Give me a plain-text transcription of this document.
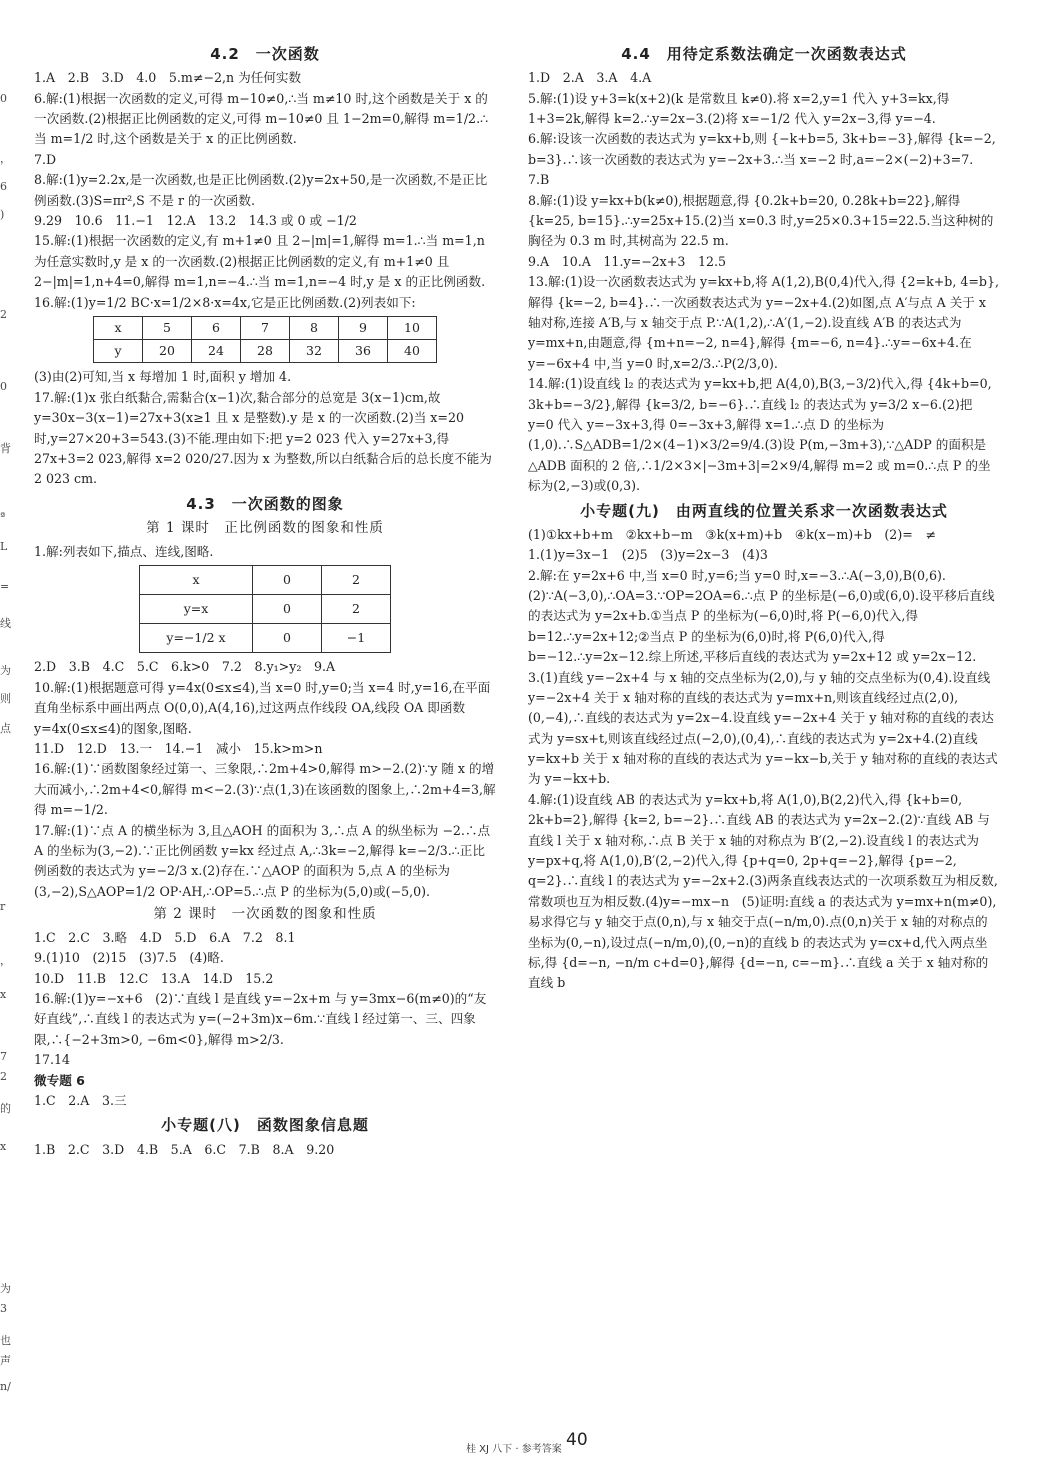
0
，
6
)
2
0
背
ª
L
=
线
为
则
点
r
，
x
7
2
的
x
为
3
也
声
n/
4.2　一次函数

1.A　2.B　3.D　4.0　5.m≠−2,n 为任何实数

6.解:(1)根据一次函数的定义,可得 m−10≠0,∴当 m≠10 时,这个函数是关于 x 的一次函数.(2)根据正比例函数的定义,可得 m−10≠0 且 1−2m=0,解得 m=1/2.∴当 m=1/2 时,这个函数是关于 x 的正比例函数.

7.D

8.解:(1)y=2.2x,是一次函数,也是正比例函数.(2)y=2x+50,是一次函数,不是正比例函数.(3)S=πr²,S 不是 r 的一次函数.

9.29　10.6　11.−1　12.A　13.2　14.3 或 0 或 −1/2

15.解:(1)根据一次函数的定义,有 m+1≠0 且 2−|m|=1,解得 m=1.∴当 m=1,n 为任意实数时,y 是 x 的一次函数.(2)根据正比例函数的定义,有 m+1≠0 且 2−|m|=1,n+4=0,解得 m=1,n=−4.∴当 m=1,n=−4 时,y 是 x 的正比例函数.

16.解:(1)y=1/2 BC·x=1/2×8·x=4x,它是正比例函数.(2)列表如下:

x	5	6	7	8	9	10
y	20	24	28	32	36	40

(3)由(2)可知,当 x 每增加 1 时,面积 y 增加 4.

17.解:(1)x 张白纸黏合,需黏合(x−1)次,黏合部分的总宽是 3(x−1)cm,故 y=30x−3(x−1)=27x+3(x≥1 且 x 是整数).y 是 x 的一次函数.(2)当 x=20 时,y=27×20+3=543.(3)不能.理由如下:把 y=2 023 代入 y=27x+3,得 27x+3=2 023,解得 x=2 020/27.因为 x 为整数,所以白纸黏合后的总长度不能为 2 023 cm.

4.3　一次函数的图象
第 1 课时　正比例函数的图象和性质

1.解:列表如下,描点、连线,图略.

x	0	2
y=x	0	2
y=−1/2 x	0	−1

2.D　3.B　4.C　5.C　6.k>0　7.2　8.y₁>y₂　9.A

10.解:(1)根据题意可得 y=4x(0≤x≤4),当 x=0 时,y=0;当 x=4 时,y=16,在平面直角坐标系中画出两点 O(0,0),A(4,16),过这两点作线段 OA,线段 OA 即函数 y=4x(0≤x≤4)的图象,图略.

11.D　12.D　13.一　14.−1　减小　15.k>m>n

16.解:(1)∵函数图象经过第一、三象限,∴2m+4>0,解得 m>−2.(2)∵y 随 x 的增大而减小,∴2m+4<0,解得 m<−2.(3)∵点(1,3)在该函数的图象上,∴2m+4=3,解得 m=−1/2.

17.解:(1)∵点 A 的横坐标为 3,且△AOH 的面积为 3,∴点 A 的纵坐标为 −2.∴点 A 的坐标为(3,−2).∵正比例函数 y=kx 经过点 A,∴3k=−2,解得 k=−2/3.∴正比例函数的表达式为 y=−2/3 x.(2)存在.∵△AOP 的面积为 5,点 A 的坐标为(3,−2),S△AOP=1/2 OP·AH,∴OP=5.∴点 P 的坐标为(5,0)或(−5,0).

第 2 课时　一次函数的图象和性质

1.C　2.C　3.略　4.D　5.D　6.A　7.2　8.1

9.(1)10　(2)15　(3)7.5　(4)略.

10.D　11.B　12.C　13.A　14.D　15.2

16.解:(1)y=−x+6　(2)∵直线 l 是直线 y=−2x+m 与 y=3mx−6(m≠0)的“友好直线”,∴直线 l 的表达式为 y=(−2+3m)x−6m.∵直线 l 经过第一、三、四象限,∴{−2+3m>0, −6m<0},解得 m>2/3.

17.14

微专题 6

1.C　2.A　3.三

小专题(八)　函数图象信息题

1.B　2.C　3.D　4.B　5.A　6.C　7.B　8.A　9.20

4.4　用待定系数法确定一次函数表达式

1.D　2.A　3.A　4.A

5.解:(1)设 y+3=k(x+2)(k 是常数且 k≠0).将 x=2,y=1 代入 y+3=kx,得 1+3=2k,解得 k=2.∴y=2x−3.(2)将 x=−1/2 代入 y=2x−3,得 y=−4.

6.解:设该一次函数的表达式为 y=kx+b,则 {−k+b=5, 3k+b=−3},解得 {k=−2, b=3}.∴该一次函数的表达式为 y=−2x+3.∴当 x=−2 时,a=−2×(−2)+3=7.

7.B

8.解:(1)设 y=kx+b(k≠0),根据题意,得 {0.2k+b=20, 0.28k+b=22},解得 {k=25, b=15}.∴y=25x+15.(2)当 x=0.3 时,y=25×0.3+15=22.5.当这种树的胸径为 0.3 m 时,其树高为 22.5 m.

9.A　10.A　11.y=−2x+3　12.5

13.解:(1)设一次函数表达式为 y=kx+b,将 A(1,2),B(0,4)代入,得 {2=k+b, 4=b},解得 {k=−2, b=4}.∴一次函数表达式为 y=−2x+4.(2)如图,点 A′与点 A 关于 x 轴对称,连接 A′B,与 x 轴交于点 P.∵A(1,2),∴A′(1,−2).设直线 A′B 的表达式为 y=mx+n,由题意,得 {m+n=−2, n=4},解得 {m=−6, n=4}.∴y=−6x+4.在 y=−6x+4 中,当 y=0 时,x=2/3.∴P(2/3,0).

14.解:(1)设直线 l₂ 的表达式为 y=kx+b,把 A(4,0),B(3,−3/2)代入,得 {4k+b=0, 3k+b=−3/2},解得 {k=3/2, b=−6}.∴直线 l₂ 的表达式为 y=3/2 x−6.(2)把 y=0 代入 y=−3x+3,得 0=−3x+3,解得 x=1.∴点 D 的坐标为(1,0).∴S△ADB=1/2×(4−1)×3/2=9/4.(3)设 P(m,−3m+3),∵△ADP 的面积是△ADB 面积的 2 倍,∴1/2×3×|−3m+3|=2×9/4,解得 m=2 或 m=0.∴点 P 的坐标为(2,−3)或(0,3).

小专题(九)　由两直线的位置关系求一次函数表达式

(1)①kx+b+m　②kx+b−m　③k(x+m)+b　④k(x−m)+b　(2)=　≠

1.(1)y=3x−1　(2)5　(3)y=2x−3　(4)3

2.解:在 y=2x+6 中,当 x=0 时,y=6;当 y=0 时,x=−3.∴A(−3,0),B(0,6).(2)∵A(−3,0),∴OA=3.∵OP=2OA=6.∴点 P 的坐标是(−6,0)或(6,0).设平移后直线的表达式为 y=2x+b.①当点 P 的坐标为(−6,0)时,将 P(−6,0)代入,得 b=12.∴y=2x+12;②当点 P 的坐标为(6,0)时,将 P(6,0)代入,得 b=−12.∴y=2x−12.综上所述,平移后直线的表达式为 y=2x+12 或 y=2x−12.

3.(1)直线 y=−2x+4 与 x 轴的交点坐标为(2,0),与 y 轴的交点坐标为(0,4).设直线 y=−2x+4 关于 x 轴对称的直线的表达式为 y=mx+n,则该直线经过点(2,0),(0,−4),∴直线的表达式为 y=2x−4.设直线 y=−2x+4 关于 y 轴对称的直线的表达式为 y=sx+t,则该直线经过点(−2,0),(0,4),∴直线的表达式为 y=2x+4.(2)直线 y=kx+b 关于 x 轴对称的直线的表达式为 y=−kx−b,关于 y 轴对称的直线的表达式为 y=−kx+b.

4.解:(1)设直线 AB 的表达式为 y=kx+b,将 A(1,0),B(2,2)代入,得 {k+b=0, 2k+b=2},解得 {k=2, b=−2}.∴直线 AB 的表达式为 y=2x−2.(2)∵直线 AB 与直线 l 关于 x 轴对称,∴点 B 关于 x 轴的对称点为 B′(2,−2).设直线 l 的表达式为 y=px+q,将 A(1,0),B′(2,−2)代入,得 {p+q=0, 2p+q=−2},解得 {p=−2, q=2}.∴直线 l 的表达式为 y=−2x+2.(3)两条直线表达式的一次项系数互为相反数,常数项也互为相反数.(4)y=−mx−n　(5)证明:直线 a 的表达式为 y=mx+n(m≠0),易求得它与 y 轴交于点(0,n),与 x 轴交于点(−n/m,0).点(0,n)关于 x 轴的对称点的坐标为(0,−n),设过点(−n/m,0),(0,−n)的直线 b 的表达式为 y=cx+d,代入两点坐标,得 {d=−n, −n/m c+d=0},解得 {d=−n, c=−m}.∴直线 a 关于 x 轴对称的直线 b

桂 XJ 八下 · 参考答案 40
